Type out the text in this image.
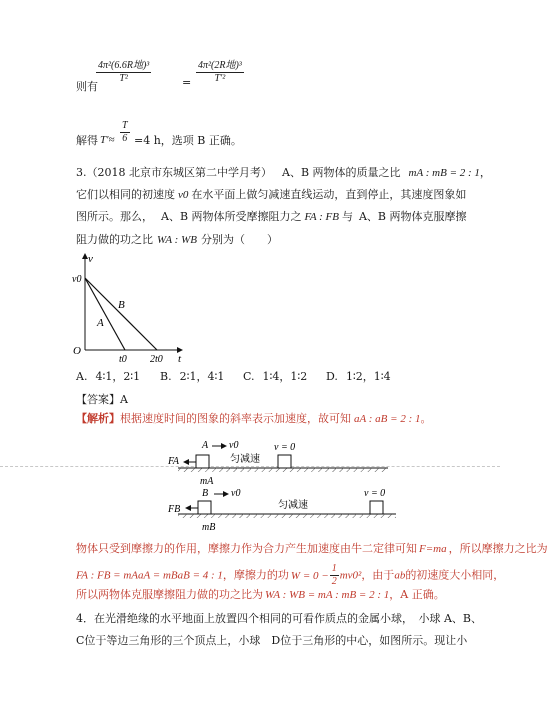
则有
$\frac{\text{4π²(6.6R地)³}}{\text{T²}}$	= $\frac{\text{4π²(2R地)³}}{\text{T′²}}$
解得 $T'\approx \frac{T}{6} =4$ h，选项 B 正确。
3.（2018 北京市东城区第二中学月考） A、B 两物体的质量之比 mA : mB = 2 : 1，
它们以相同的初速度 v0 在水平面上做匀减速直线运动，直到停止，其速度图象如
图所示。那么， A、B 两物体所受摩擦阻力之 FA : FB 与 A、B 两物体克服摩擦
阻力做的功之比 WA : WB 分别为（　　）
v
v0
O
t0 2t0 t
A
B
A. 4∶1，2∶1 B. 2∶1，4∶1 C. 1∶4，1∶2 D. 1∶2，1∶4
【答案】A
【解析】根据速度时间的图象的斜率表示加速度，故可知 aA : aB = 2 : 1。
FA
A v0
匀减速
v = 0
mA
FB
B v0
匀减速
v = 0
mB
物体只受到摩擦力的作用，摩擦力作为合力产生加速度由牛二定律可知 F=ma ，所以摩擦力之比为
FA : FB = mAaA = mBaB = 4 : 1，摩擦力的功 $W = 0 - \frac{1}{2} mv0^2$，由于ab的初速度大小相同，
所以两物体克服摩擦阻力做的功之比为 WA : WB = mA : mB = 2 : 1，A 正确。
4．在光滑绝缘的水平地面上放置四个相同的可看作质点的金属小球，　小球 A、B、
C位于等边三角形的三个顶点上，小球　D位于三角形的中心，如图所示。现让小
